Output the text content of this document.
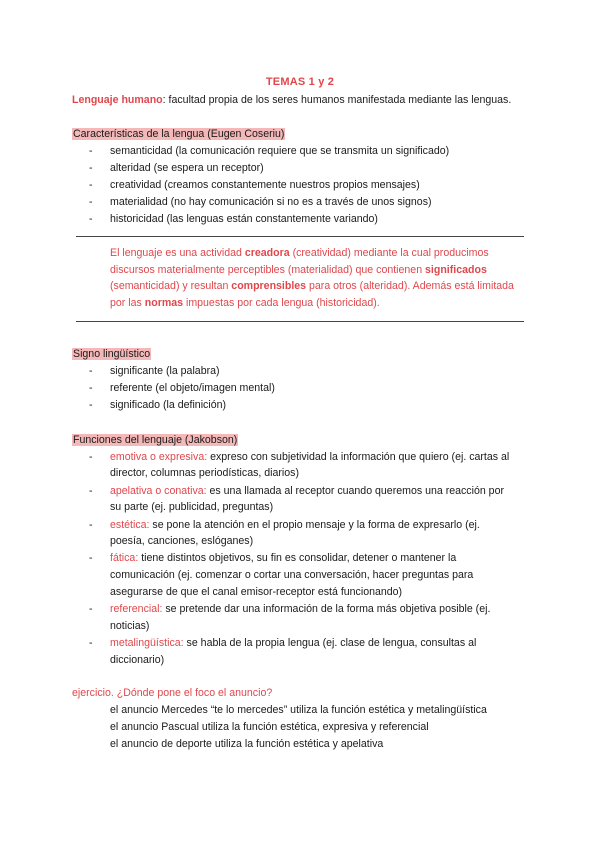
TEMAS 1 y 2
Lenguaje humano: facultad propia de los seres humanos manifestada mediante las lenguas.
Características de la lengua (Eugen Coseriu)
- semanticidad (la comunicación requiere que se transmita un significado)
- alteridad (se espera un receptor)
- creatividad (creamos constantemente nuestros propios mensajes)
- materialidad (no hay comunicación si no es a través de unos signos)
- historicidad (las lenguas están constantemente variando)

El lenguaje es una actividad creadora (creatividad) mediante la cual producimos discursos materialmente perceptibles (materialidad) que contienen significados (semanticidad) y resultan comprensibles para otros (alteridad). Además está limitada por las normas impuestas por cada lengua (historicidad).

Signo lingüístico
- significante (la palabra)
- referente (el objeto/imagen mental)
- significado (la definición)
Funciones del lenguaje (Jakobson)
- emotiva o expresiva: expreso con subjetividad la información que quiero (ej. cartas al
director, columnas periodísticas, diarios)
- apelativa o conativa: es una llamada al receptor cuando queremos una reacción por
su parte (ej. publicidad, preguntas)
- estética: se pone la atención en el propio mensaje y la forma de expresarlo (ej.
poesía, canciones, eslóganes)
- fática: tiene distintos objetivos, su fin es consolidar, detener o mantener la
comunicación (ej. comenzar o cortar una conversación, hacer preguntas para
asegurarse de que el canal emisor-receptor está funcionando)
- referencial: se pretende dar una información de la forma más objetiva posible (ej.
noticias)
- metalingüística: se habla de la propia lengua (ej. clase de lengua, consultas al
diccionario)
ejercicio. ¿Dónde pone el foco el anuncio?
el anuncio Mercedes “te lo mercedes” utiliza la función estética y metalingüística
el anuncio Pascual utiliza la función estética, expresiva y referencial
el anuncio de deporte utiliza la función estética y apelativa
